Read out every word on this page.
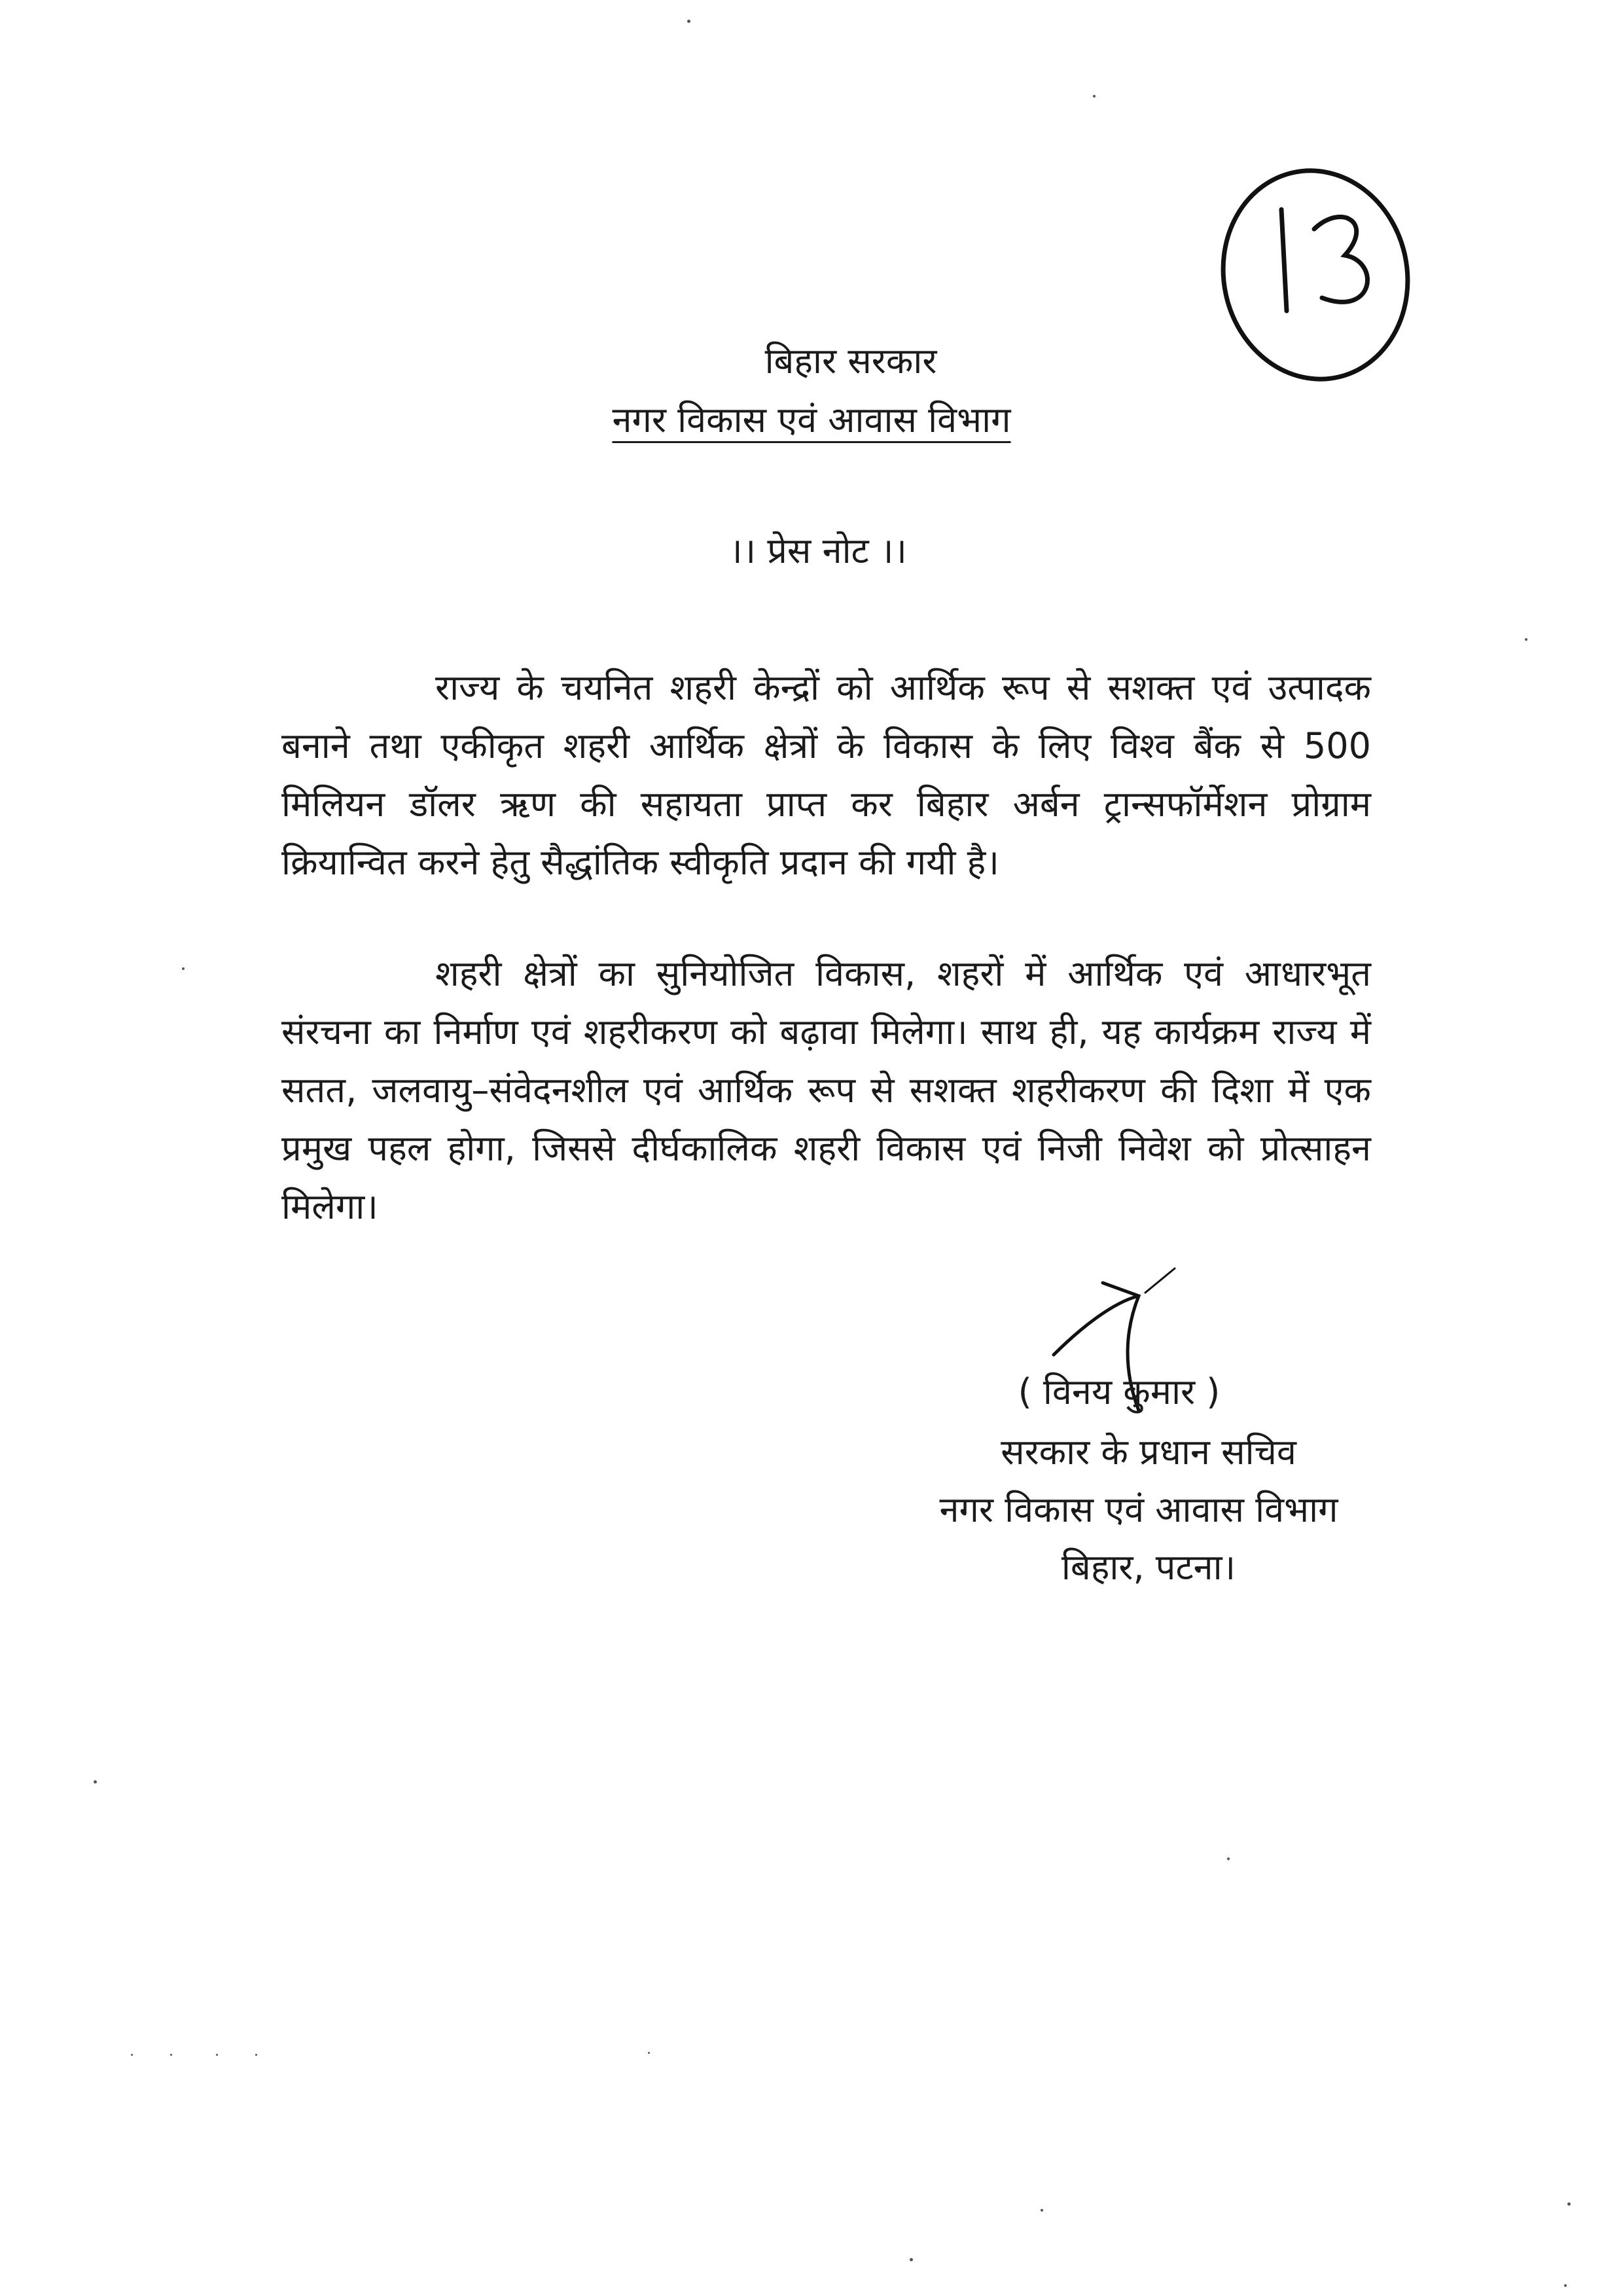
बिहार सरकार
नगर विकास एवं आवास विभाग
।। प्रेस नोट ।।
राज्य के चयनित शहरी केन्द्रों को आर्थिक रूप से सशक्त एवं उत्पादक बनाने तथा एकीकृत शहरी आर्थिक क्षेत्रों के विकास के लिए विश्व बैंक से 500 मिलियन डॉलर ऋण की सहायता प्राप्त कर बिहार अर्बन ट्रान्सफॉर्मेशन प्रोग्राम क्रियान्वित करने हेतु सैद्धांतिक स्वीकृति प्रदान की गयी है।
शहरी क्षेत्रों का सुनियोजित विकास, शहरों में आर्थिक एवं आधारभूत संरचना का निर्माण एवं शहरीकरण को बढ़ावा मिलेगा। साथ ही, यह कार्यक्रम राज्य में सतत, जलवायु–संवेदनशील एवं आर्थिक रूप से सशक्त शहरीकरण की दिशा में एक प्रमुख पहल होगा, जिससे दीर्घकालिक शहरी विकास एवं निजी निवेश को प्रोत्साहन मिलेगा।
( विनय कुमार )
सरकार के प्रधान सचिव
नगर विकास एवं आवास विभाग
बिहार, पटना।
